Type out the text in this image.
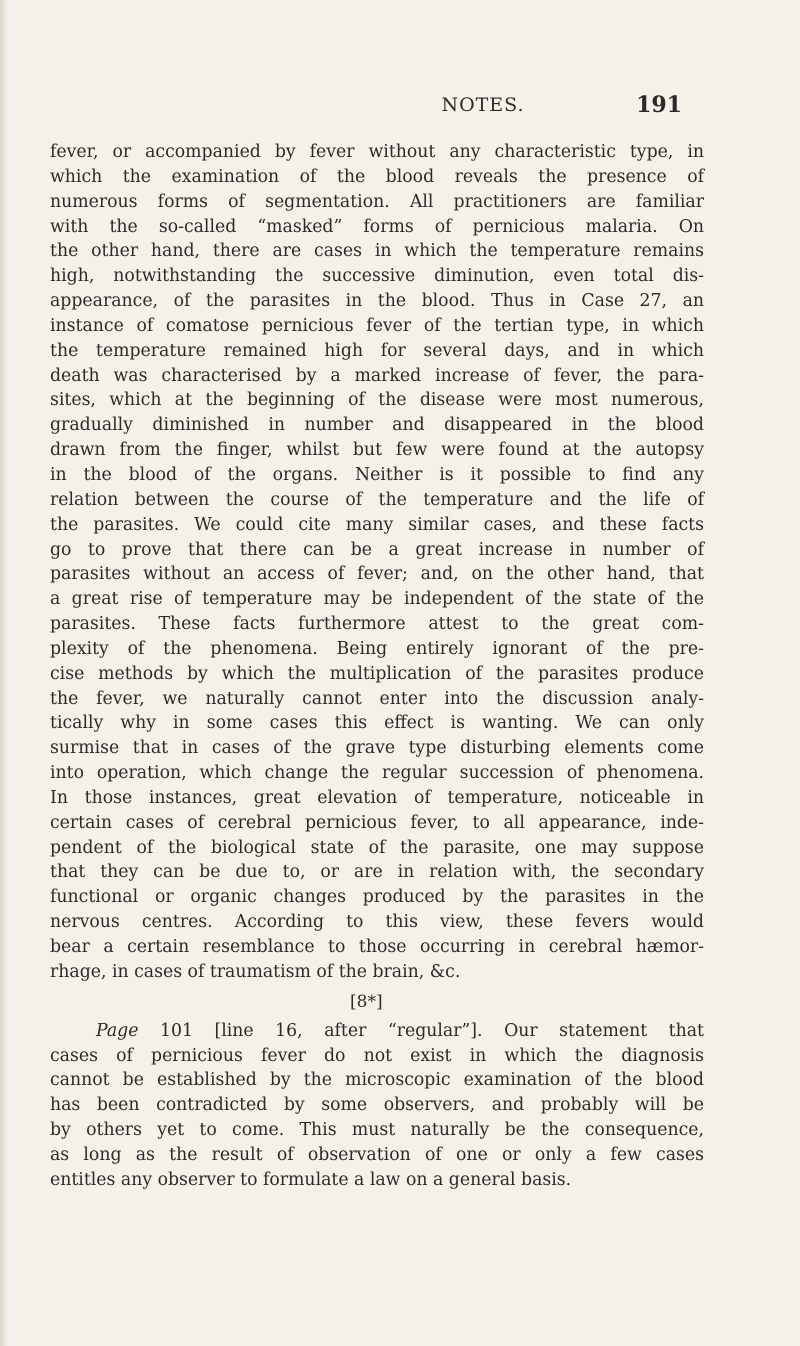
NOTES.	191
fever, or accompanied by fever without any characteristic type, in
which the examination of the blood reveals the presence of
numerous forms of segmentation. All practitioners are familiar
with the so-called “masked” forms of pernicious malaria. On
the other hand, there are cases in which the temperature remains
high, notwithstanding the successive diminution, even total dis-
appearance, of the parasites in the blood. Thus in Case 27, an
instance of comatose pernicious fever of the tertian type, in which
the temperature remained high for several days, and in which
death was characterised by a marked increase of fever, the para-
sites, which at the beginning of the disease were most numerous,
gradually diminished in number and disappeared in the blood
drawn from the finger, whilst but few were found at the autopsy
in the blood of the organs. Neither is it possible to find any
relation between the course of the temperature and the life of
the parasites. We could cite many similar cases, and these facts
go to prove that there can be a great increase in number of
parasites without an access of fever; and, on the other hand, that
a great rise of temperature may be independent of the state of the
parasites. These facts furthermore attest to the great com-
plexity of the phenomena. Being entirely ignorant of the pre-
cise methods by which the multiplication of the parasites produce
the fever, we naturally cannot enter into the discussion analy-
tically why in some cases this effect is wanting. We can only
surmise that in cases of the grave type disturbing elements come
into operation, which change the regular succession of phenomena.
In those instances, great elevation of temperature, noticeable in
certain cases of cerebral pernicious fever, to all appearance, inde-
pendent of the biological state of the parasite, one may suppose
that they can be due to, or are in relation with, the secondary
functional or organic changes produced by the parasites in the
nervous centres. According to this view, these fevers would
bear a certain resemblance to those occurring in cerebral hæmor-
rhage, in cases of traumatism of the brain, &c.
[8*]
Page 101 [line 16, after “regular”]. Our statement that
cases of pernicious fever do not exist in which the diagnosis
cannot be established by the microscopic examination of the blood
has been contradicted by some observers, and probably will be
by others yet to come. This must naturally be the consequence,
as long as the result of observation of one or only a few cases
entitles any observer to formulate a law on a general basis.
